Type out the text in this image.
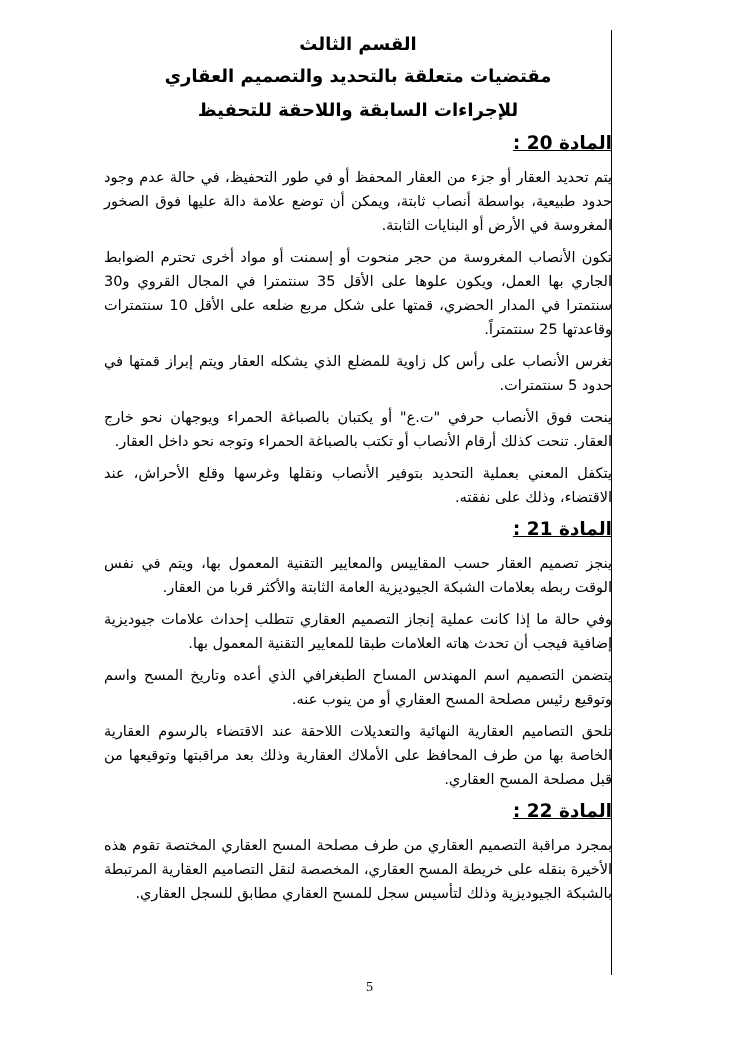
القسم الثالث
مقتضيات متعلقة بالتحديد والتصميم العقاري
للإجراءات السابقة واللاحقة للتحفيظ
المادة 20 :

يتم تحديد العقار أو جزء من العقار المحفظ أو في طور التحفيظ، في حالة عدم وجود حدود طبيعية، بواسطة أنصاب ثابتة، ويمكن أن توضع علامة دالة عليها فوق الصخور المغروسة في الأرض أو البنايات الثابتة.

تكون الأنصاب المغروسة من حجر منحوت أو إسمنت أو مواد أخرى تحترم الضوابط الجاري بها العمل، ويكون علوها على الأقل 35 سنتمترا في المجال القروي و30 سنتمترا في المدار الحضري، قمتها على شكل مربع ضلعه على الأقل 10 سنتمترات وقاعدتها 25 سنتمتراً.

تغرس الأنصاب على رأس كل زاوية للمضلع الذي يشكله العقار ويتم إبراز قمتها في حدود 5 سنتمترات.

ينحت فوق الأنصاب حرفي "ت.ع" أو يكتبان بالصباغة الحمراء ويوجهان نحو خارج العقار. تنحت كذلك أرقام الأنصاب أو تكتب بالصباغة الحمراء وتوجه نحو داخل العقار.

يتكفل المعني بعملية التحديد بتوفير الأنصاب ونقلها وغرسها وقلع الأحراش، عند الاقتضاء، وذلك على نفقته.

المادة 21 :

ينجز تصميم العقار حسب المقاييس والمعايير التقنية المعمول بها، ويتم في نفس الوقت ربطه بعلامات الشبكة الجيوديزية العامة الثابتة والأكثر قربا من العقار.

وفي حالة ما إذا كانت عملية إنجاز التصميم العقاري تتطلب إحداث علامات جيوديزية إضافية فيجب أن تحدث هاته العلامات طبقا للمعايير التقنية المعمول بها.

يتضمن التصميم اسم المهندس المساح الطبغرافي الذي أعده وتاريخ المسح واسم وتوقيع رئيس مصلحة المسح العقاري أو من ينوب عنه.

تلحق التصاميم العقارية النهائية والتعديلات اللاحقة عند الاقتضاء بالرسوم العقارية الخاصة بها من طرف المحافظ على الأملاك العقارية وذلك بعد مراقبتها وتوقيعها من قبل مصلحة المسح العقاري.

المادة 22 :

بمجرد مراقبة التصميم العقاري من طرف مصلحة المسح العقاري المختصة تقوم هذه الأخيرة بنقله على خريطة المسح العقاري، المخصصة لنقل التصاميم العقارية المرتبطة بالشبكة الجيوديزية وذلك لتأسيس سجل للمسح العقاري مطابق للسجل العقاري.

5
